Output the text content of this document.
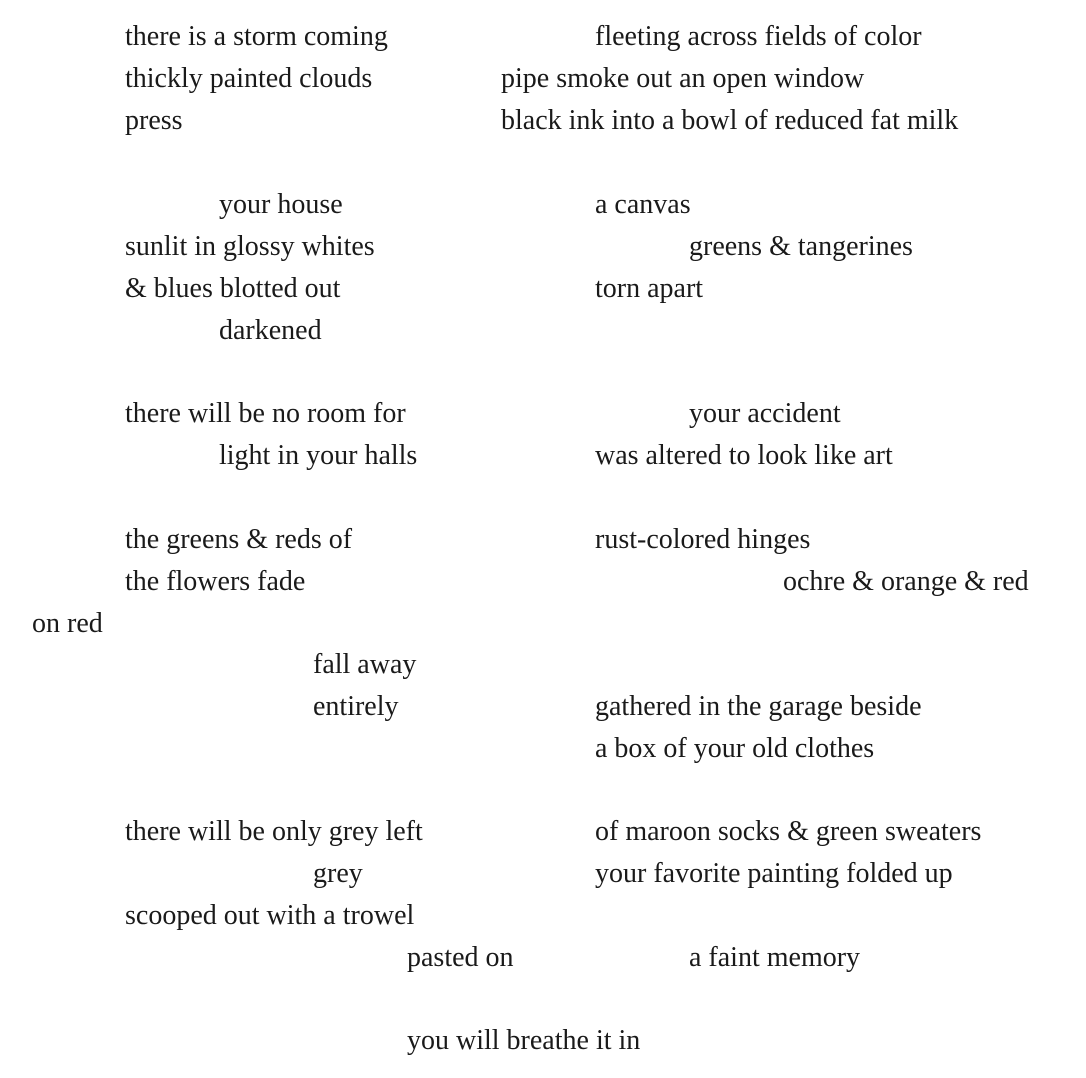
there is a storm coming
thickly painted clouds
press
your house
sunlit in glossy whites
& blues blotted out
darkened
there will be no room for
light in your halls
the greens & reds of
the flowers fade
on red
fall away
entirely
there will be only grey left
grey
scooped out with a trowel
pasted on
you will breathe it in
fleeting across fields of color
pipe smoke out an open window
black ink into a bowl of reduced fat milk
a canvas
greens & tangerines
torn apart
your accident
was altered to look like art
rust-colored hinges
ochre & orange & red
gathered in the garage beside
a box of your old clothes
of maroon socks & green sweaters
your favorite painting folded up
a faint memory
